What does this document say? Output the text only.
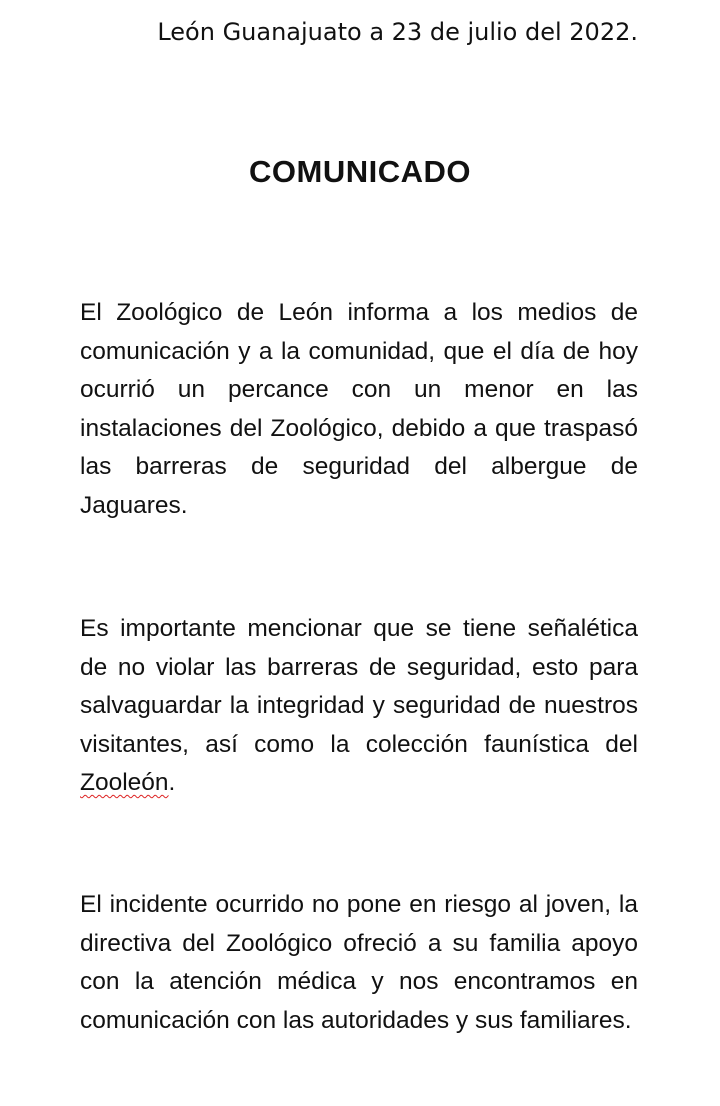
León Guanajuato a 23 de julio del 2022.
COMUNICADO

El Zoológico de León informa a los medios de comunicación y a la comunidad, que el día de hoy ocurrió un percance con un menor en las instalaciones del Zoológico, debido a que traspasó las barreras de seguridad del albergue de Jaguares.

Es importante mencionar que se tiene señalética de no violar las barreras de seguridad, esto para salvaguardar la integridad y seguridad de nuestros visitantes, así como la colección faunística del Zooleón.

El incidente ocurrido no pone en riesgo al joven, la directiva del Zoológico ofreció a su familia apoyo con la atención médica y nos encontramos en comunicación con las autoridades y sus familiares.
